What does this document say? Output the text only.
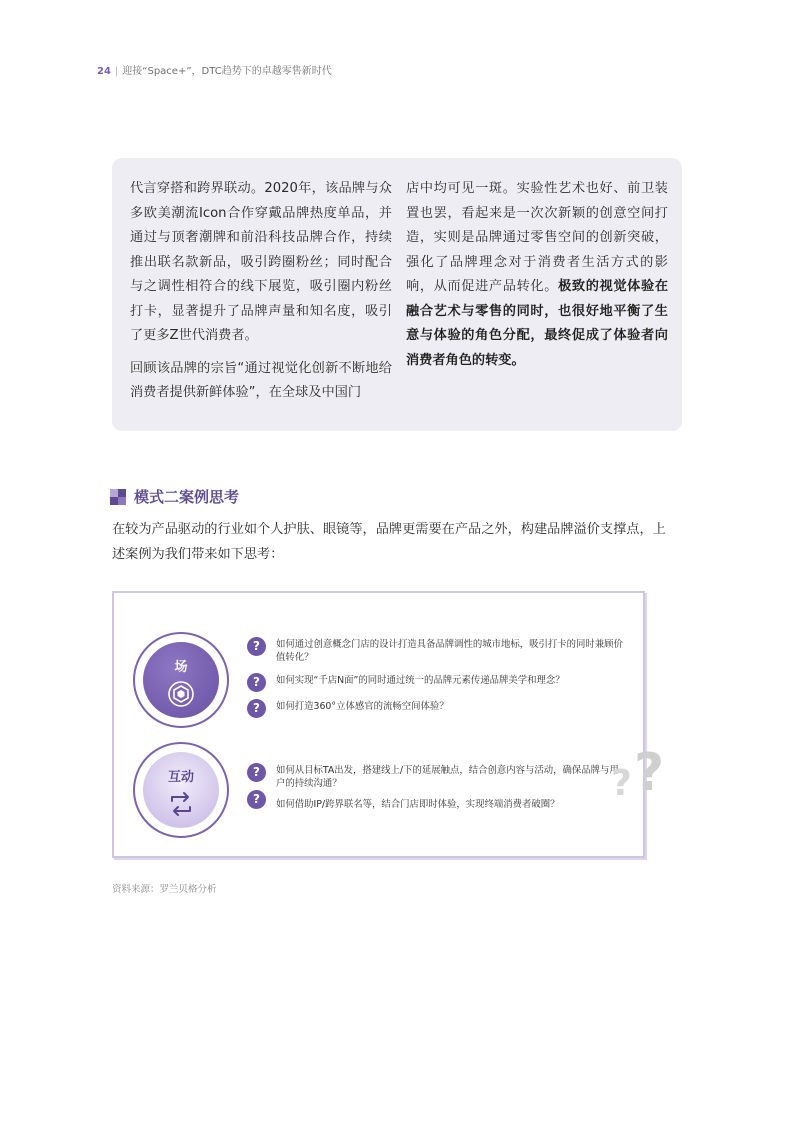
24 | 迎接“Space+”，DTC趋势下的卓越零售新时代

代言穿搭和跨界联动。2020年，该品牌与众多欧美潮流Icon合作穿戴品牌热度单品，并通过与顶奢潮牌和前沿科技品牌合作，持续推出联名款新品，吸引跨圈粉丝；同时配合与之调性相符合的线下展览，吸引圈内粉丝打卡，显著提升了品牌声量和知名度，吸引了更多Z世代消费者。

回顾该品牌的宗旨“通过视觉化创新不断地给消费者提供新鲜体验”，在全球及中国门

店中均可见一斑。实验性艺术也好、前卫装置也罢，看起来是一次次新颖的创意空间打造，实则是品牌通过零售空间的创新突破，强化了品牌理念对于消费者生活方式的影响，从而促进产品转化。极致的视觉体验在融合艺术与零售的同时，也很好地平衡了生意与体验的角色分配，最终促成了体验者向消费者角色的转变。

模式二案例思考
在较为产品驱动的行业如个人护肤、眼镜等，品牌更需要在产品之外，构建品牌溢价支撑点，上述案例为我们带来如下思考：
场
互动
?	如何通过创意概念门店的设计打造具备品牌调性的城市地标，吸引打卡的同时兼顾价值转化？
?	如何实现“千店N面”的同时通过统一的品牌元素传递品牌美学和理念？
?	如何打造360°立体感官的流畅空间体验？
?	如何从目标TA出发，搭建线上/下的延展触点，结合创意内容与活动，确保品牌与用户的持续沟通？
?	如何借助IP/跨界联名等，结合门店即时体验，实现终端消费者破圈？
? ?
资料来源：罗兰贝格分析
